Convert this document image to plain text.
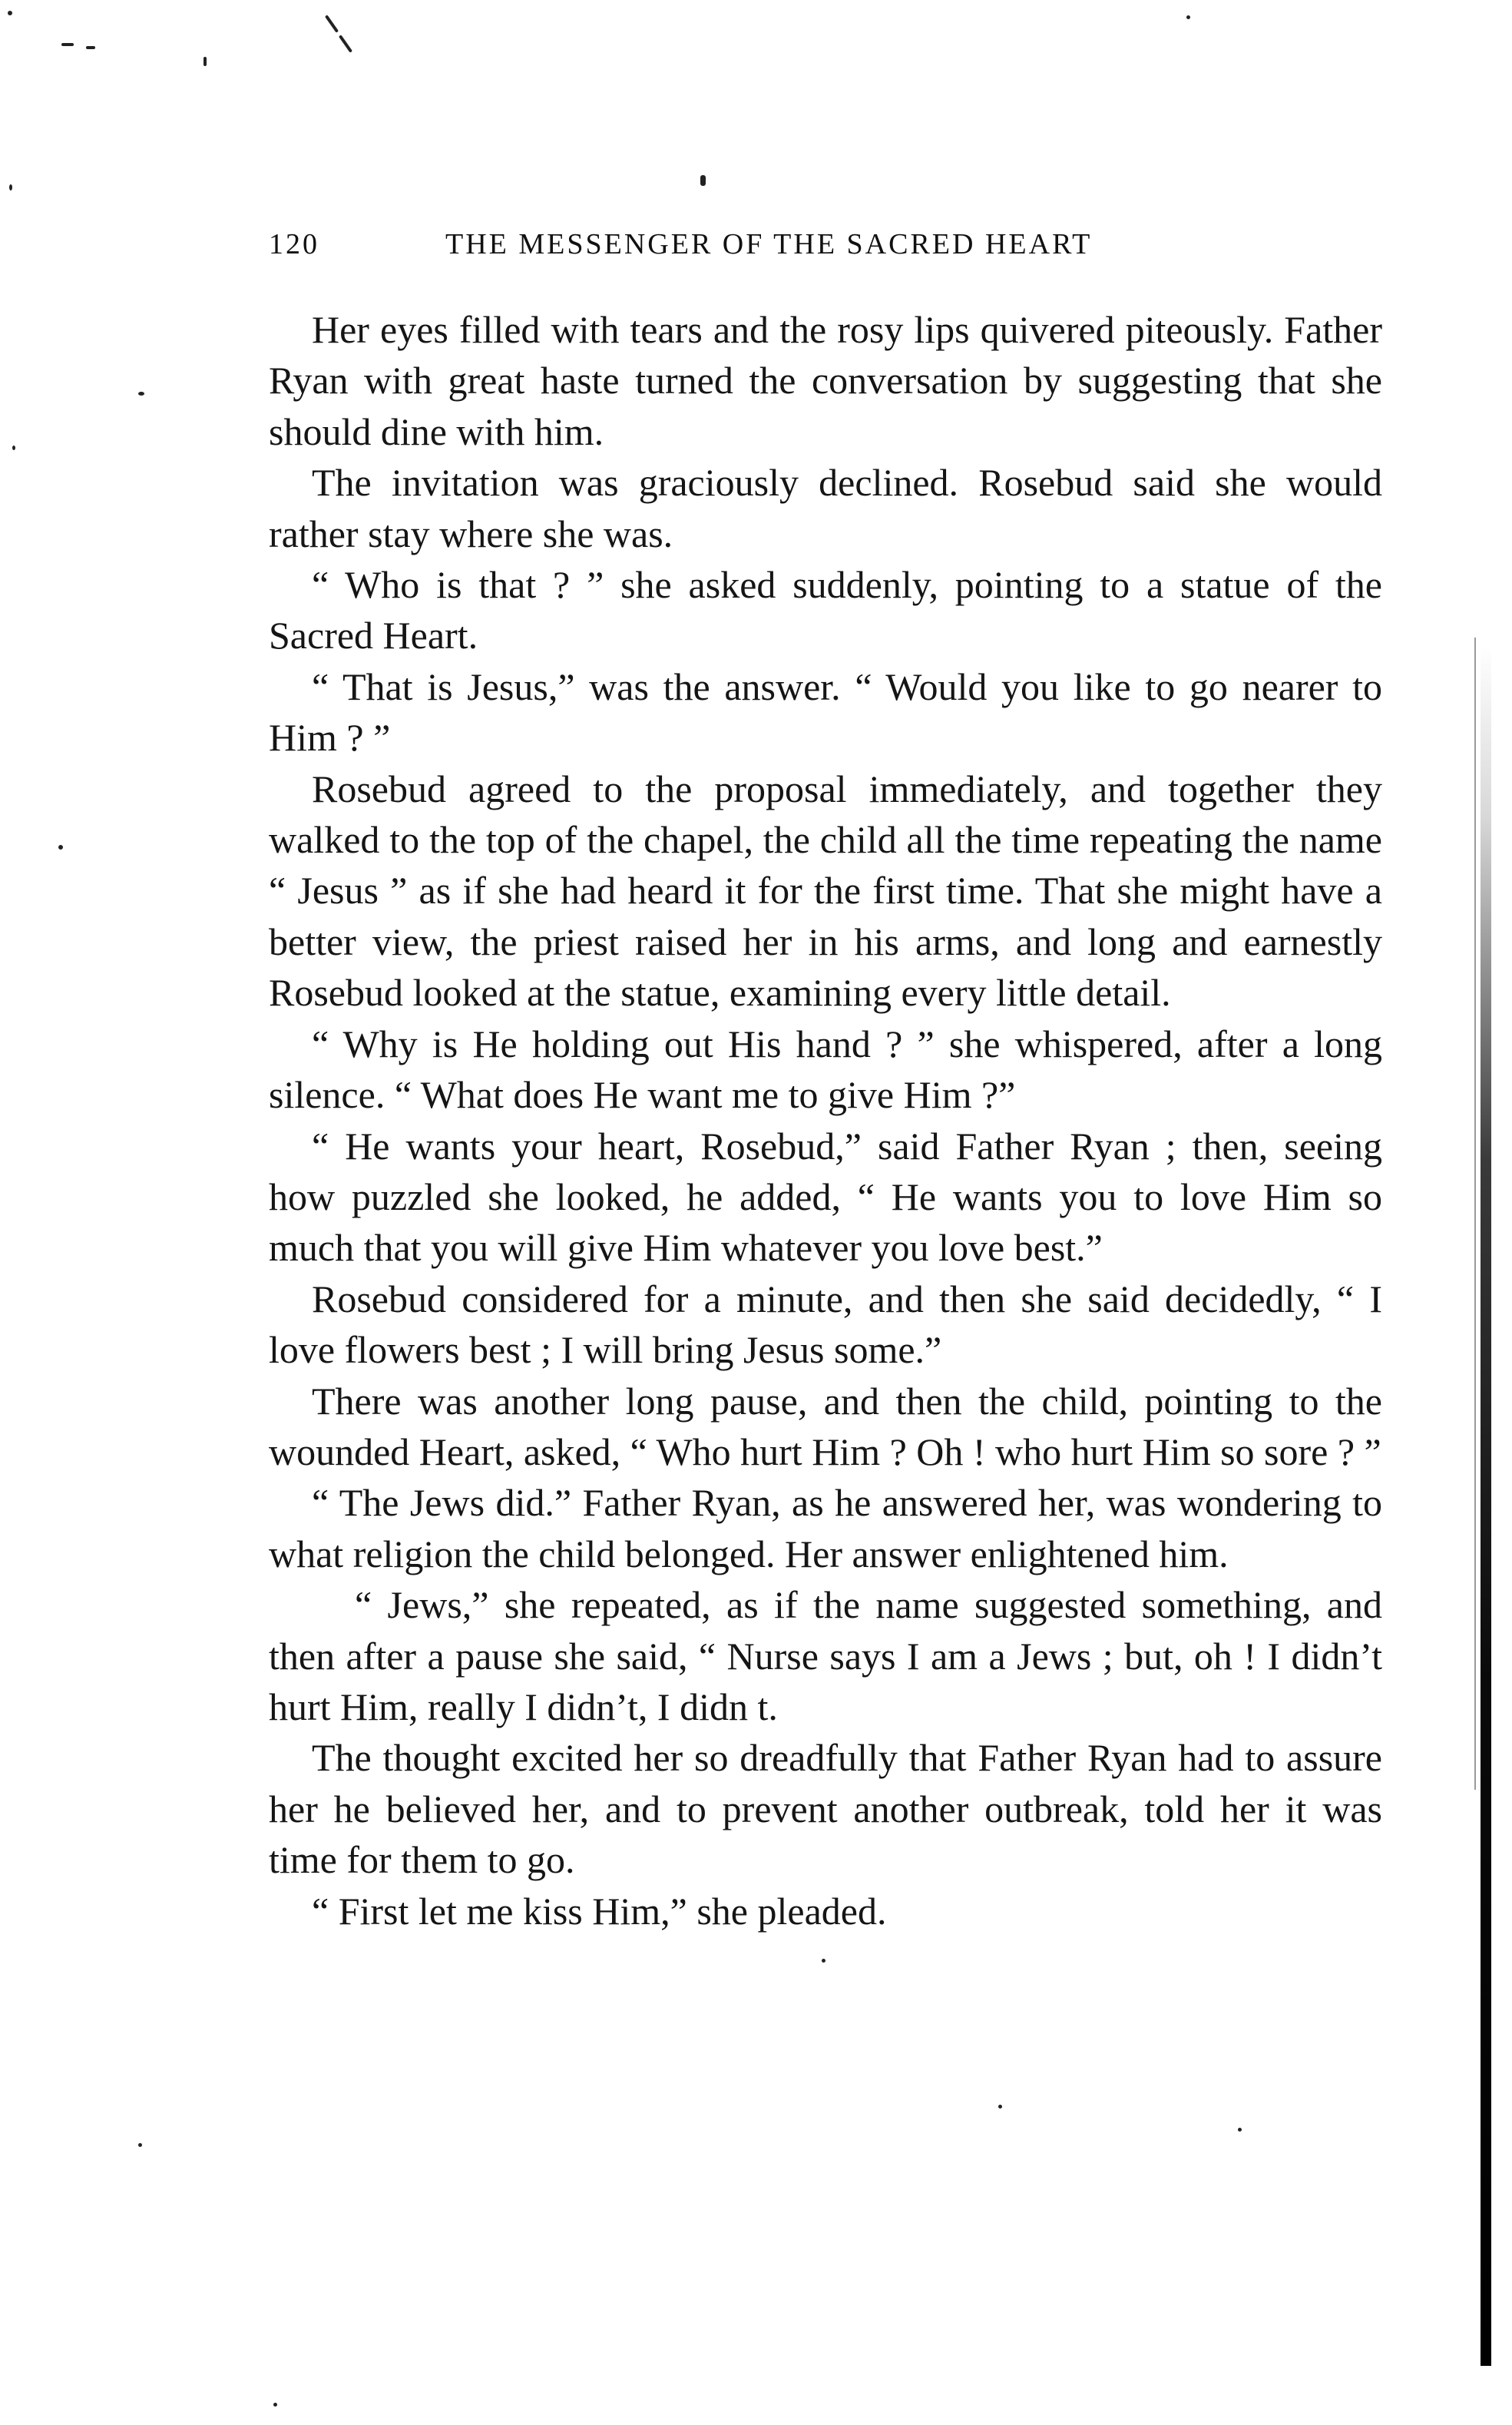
120	THE MESSENGER OF THE SACRED HEART

Her eyes filled with tears and the rosy lips quivered piteously. Father Ryan with great haste turned the conversation by suggesting that she should dine with him.

The invitation was graciously declined. Rosebud said she would rather stay where she was.

“ Who is that ? ” she asked suddenly, pointing to a statue of the Sacred Heart.

“ That is Jesus,” was the answer. “ Would you like to go nearer to Him ? ”

Rosebud agreed to the proposal immediately, and together they walked to the top of the chapel, the child all the time repeating the name “ Jesus ” as if she had heard it for the first time. That she might have a better view, the priest raised her in his arms, and long and earnestly Rosebud looked at the statue, examining every little detail.

“ Why is He holding out His hand ? ” she whispered, after a long silence. “ What does He want me to give Him ?”

“ He wants your heart, Rosebud,” said Father Ryan ; then, seeing how puzzled she looked, he added, “ He wants you to love Him so much that you will give Him whatever you love best.”

Rosebud considered for a minute, and then she said decidedly, “ I love flowers best ; I will bring Jesus some.”

There was another long pause, and then the child, pointing to the wounded Heart, asked, “ Who hurt Him ? Oh ! who hurt Him so sore ? ”

“ The Jews did.” Father Ryan, as he answered her, was wondering to what religion the child belonged. Her answer enlightened him.

“ Jews,” she repeated, as if the name suggested something, and then after a pause she said, “ Nurse says I am a Jews ; but, oh ! I didn’t hurt Him, really I didn’t, I didn t.

The thought excited her so dreadfully that Father Ryan had to assure her he believed her, and to prevent another outbreak, told her it was time for them to go.

“ First let me kiss Him,” she pleaded.
